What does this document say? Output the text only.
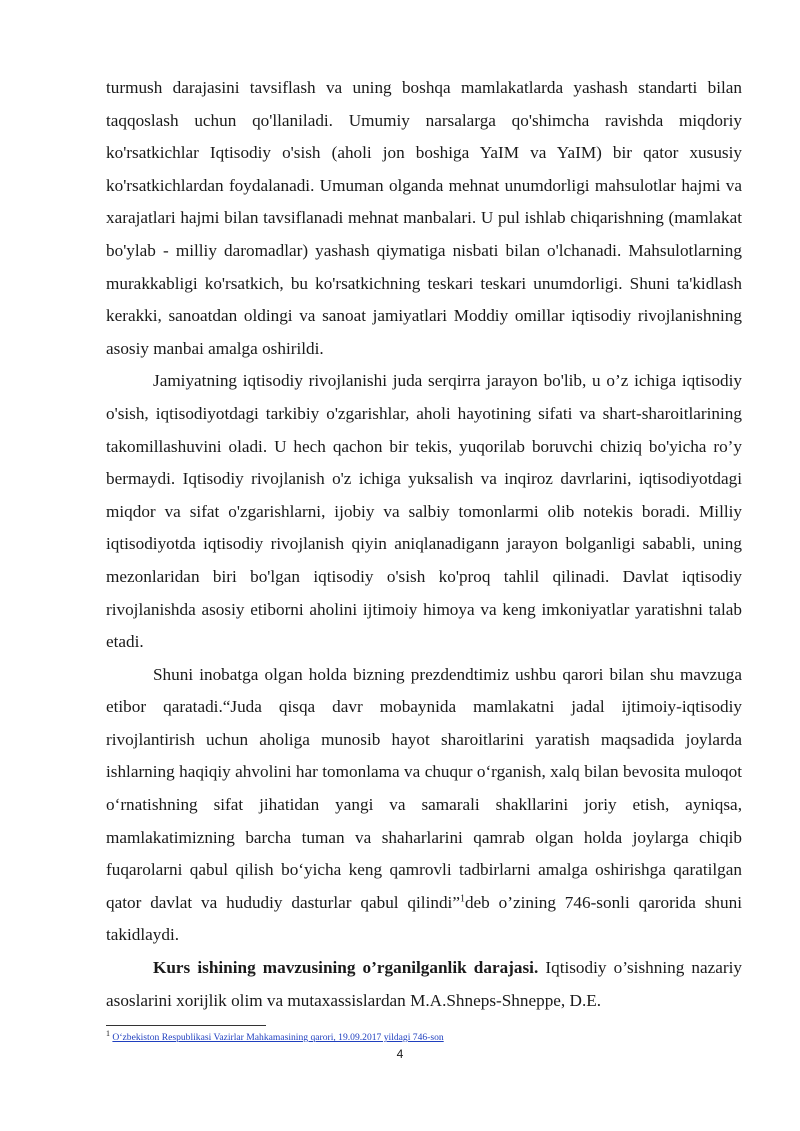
turmush darajasini tavsiflash va uning boshqa mamlakatlarda yashash standarti bilan taqqoslash uchun qo'llaniladi. Umumiy narsalarga qo'shimcha ravishda miqdoriy ko'rsatkichlar Iqtisodiy o'sish (aholi jon boshiga YaIM va YaIM) bir qator xususiy ko'rsatkichlardan foydalanadi. Umuman olganda mehnat unumdorligi mahsulotlar hajmi va xarajatlari hajmi bilan tavsiflanadi mehnat manbalari. U pul ishlab chiqarishning (mamlakat bo'ylab - milliy daromadlar) yashash qiymatiga nisbati bilan o'lchanadi. Mahsulotlarning murakkabligi ko'rsatkich, bu ko'rsatkichning teskari teskari unumdorligi. Shuni ta'kidlash kerakki, sanoatdan oldingi va sanoat jamiyatlari Moddiy omillar iqtisodiy rivojlanishning asosiy manbai amalga oshirildi.

Jamiyatning iqtisodiy rivojlanishi juda serqirra jarayon bo'lib, u o’z ichiga iqtisodiy o'sish, iqtisodiyotdagi tarkibiy o'zgarishlar, aholi hayotining sifati va shart-sharoitlarining takomillashuvini oladi. U hech qachon bir tekis, yuqorilab boruvchi chiziq bo'yicha ro’y bermaydi. Iqtisodiy rivojlanish o'z ichiga yuksalish va inqiroz davrlarini, iqtisodiyotdagi miqdor va sifat o'zgarishlarni, ijobiy va salbiy tomonlarmi olib notekis boradi. Milliy iqtisodiyotda iqtisodiy rivojlanish qiyin aniqlanadigann jarayon bolganligi sababli, uning mezonlaridan biri bo'lgan iqtisodiy o'sish ko'proq tahlil qilinadi. Davlat iqtisodiy rivojlanishda asosiy etiborni aholini ijtimoiy himoya va keng imkoniyatlar yaratishni talab etadi.

Shuni inobatga olgan holda bizning prezdendtimiz ushbu qarori bilan shu mavzuga etibor qaratadi.“Juda qisqa davr mobaynida mamlakatni jadal ijtimoiy-iqtisodiy rivojlantirish uchun aholiga munosib hayot sharoitlarini yaratish maqsadida joylarda ishlarning haqiqiy ahvolini har tomonlama va chuqur o‘rganish, xalq bilan bevosita muloqot o‘rnatishning sifat jihatidan yangi va samarali shakllarini joriy etish, ayniqsa, mamlakatimizning barcha tuman va shaharlarini qamrab olgan holda joylarga chiqib fuqarolarni qabul qilish bo‘yicha keng qamrovli tadbirlarni amalga oshirishga qaratilgan qator davlat va hududiy dasturlar qabul qilindi”$^1$deb o’zining 746-sonli qarorida shuni takidlaydi.

Kurs ishining mavzusining o’rganilganlik darajasi. Iqtisodiy o’sishning nazariy asoslarini xorijlik olim va mutaxassislardan M.A.Shneps-Shneppe, D.E.

$^1$ O‘zbekiston Respublikasi Vazirlar Mahkamasining qarori, 19.09.2017 yildagi 746-son
4
